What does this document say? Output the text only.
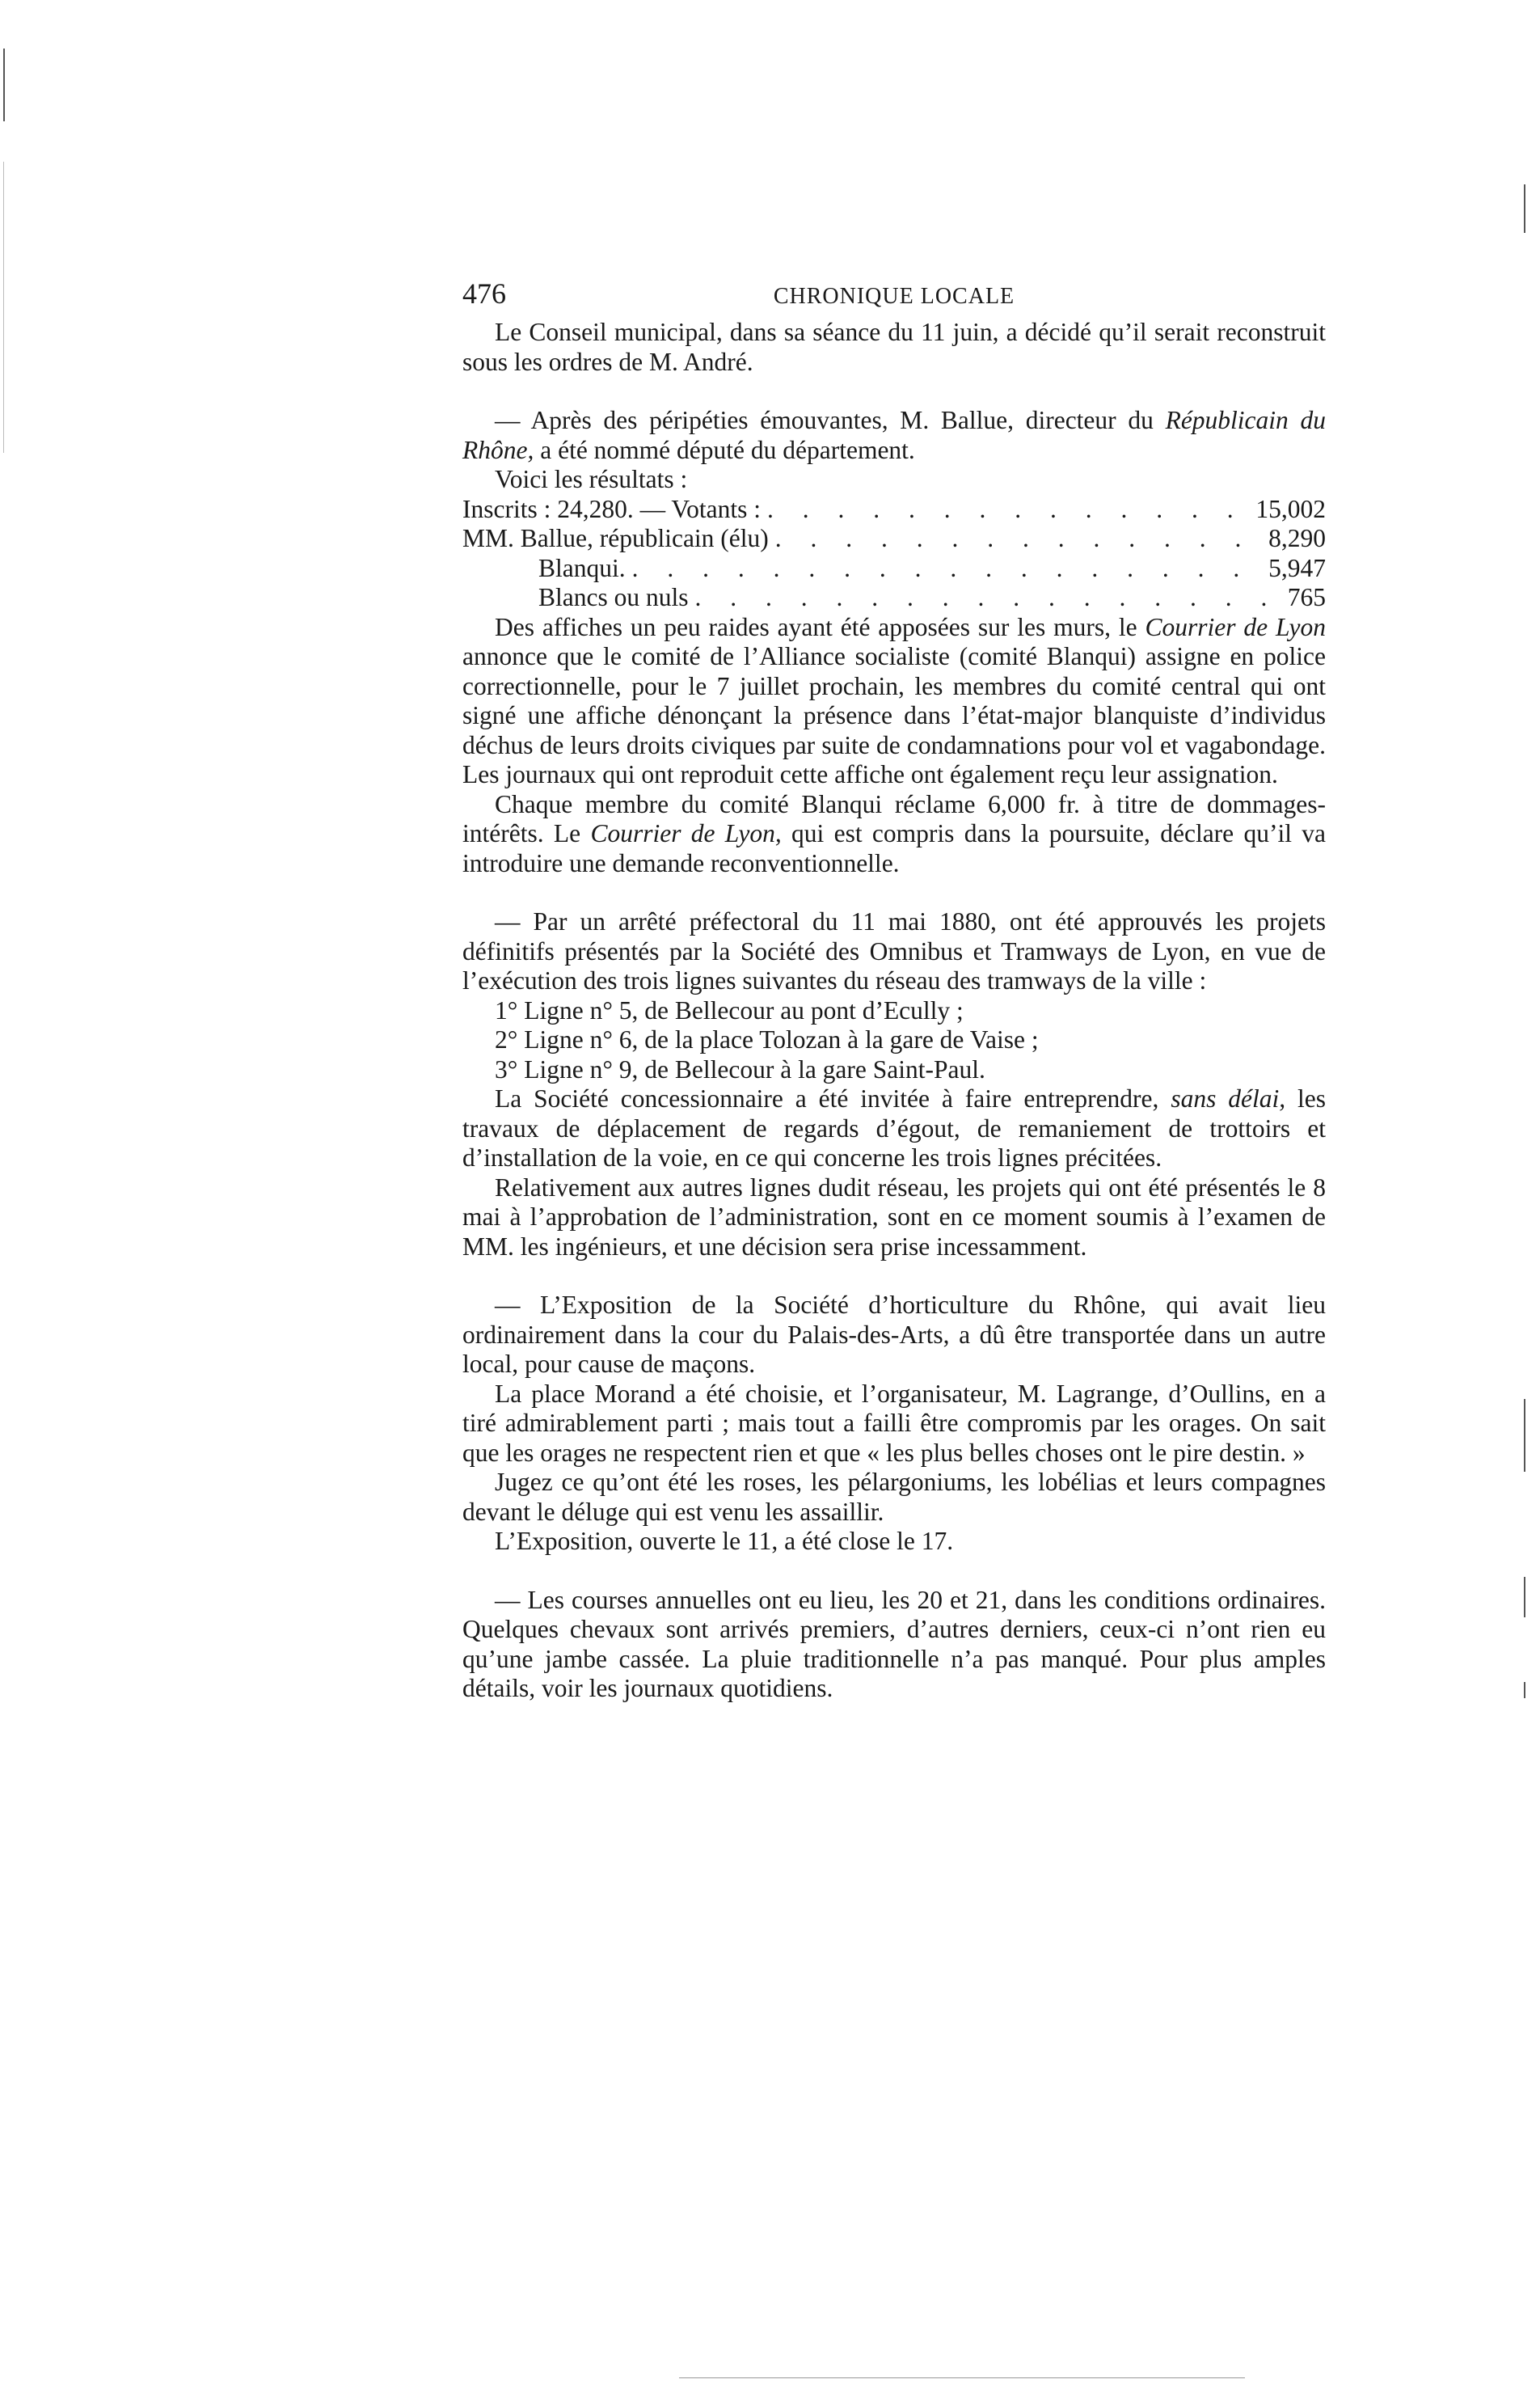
476	CHRONIQUE LOCALE

Le Conseil municipal, dans sa séance du 11 juin, a décidé qu’il serait reconstruit sous les ordres de M. André.

— Après des péripéties émouvantes, M. Ballue, directeur du Républicain du Rhône, a été nommé député du département.

Voici les résultats :

Inscrits : 24,280. — Votants : . . .	15,002
MM. Ballue, républicain (élu) . . .	8,290
Blanqui. . . .	5,947
Blancs ou nuls . . .	765

Des affiches un peu raides ayant été apposées sur les murs, le Courrier de Lyon annonce que le comité de l’Alliance socialiste (comité Blanqui) assigne en police correctionnelle, pour le 7 juillet prochain, les membres du comité central qui ont signé une affiche dénonçant la présence dans l’état-major blanquiste d’individus déchus de leurs droits civiques par suite de condamnations pour vol et vagabondage. Les journaux qui ont reproduit cette affiche ont également reçu leur assignation.

Chaque membre du comité Blanqui réclame 6,000 fr. à titre de dommages-intérêts. Le Courrier de Lyon, qui est compris dans la poursuite, déclare qu’il va introduire une demande reconventionnelle.

— Par un arrêté préfectoral du 11 mai 1880, ont été approuvés les projets définitifs présentés par la Société des Omnibus et Tramways de Lyon, en vue de l’exécution des trois lignes suivantes du réseau des tramways de la ville :

1° Ligne n° 5, de Bellecour au pont d’Ecully ;

2° Ligne n° 6, de la place Tolozan à la gare de Vaise ;

3° Ligne n° 9, de Bellecour à la gare Saint-Paul.

La Société concessionnaire a été invitée à faire entreprendre, sans délai, les travaux de déplacement de regards d’égout, de remaniement de trottoirs et d’installation de la voie, en ce qui concerne les trois lignes précitées.

Relativement aux autres lignes dudit réseau, les projets qui ont été présentés le 8 mai à l’approbation de l’administration, sont en ce moment soumis à l’examen de MM. les ingénieurs, et une décision sera prise incessamment.

— L’Exposition de la Société d’horticulture du Rhône, qui avait lieu ordinairement dans la cour du Palais-des-Arts, a dû être transportée dans un autre local, pour cause de maçons.

La place Morand a été choisie, et l’organisateur, M. Lagrange, d’Oullins, en a tiré admirablement parti ; mais tout a failli être compromis par les orages. On sait que les orages ne respectent rien et que « les plus belles choses ont le pire destin. »

Jugez ce qu’ont été les roses, les pélargoniums, les lobélias et leurs compagnes devant le déluge qui est venu les assaillir.

L’Exposition, ouverte le 11, a été close le 17.

— Les courses annuelles ont eu lieu, les 20 et 21, dans les conditions ordinaires. Quelques chevaux sont arrivés premiers, d’autres derniers, ceux-ci n’ont rien eu qu’une jambe cassée. La pluie traditionnelle n’a pas manqué. Pour plus amples détails, voir les journaux quotidiens.
